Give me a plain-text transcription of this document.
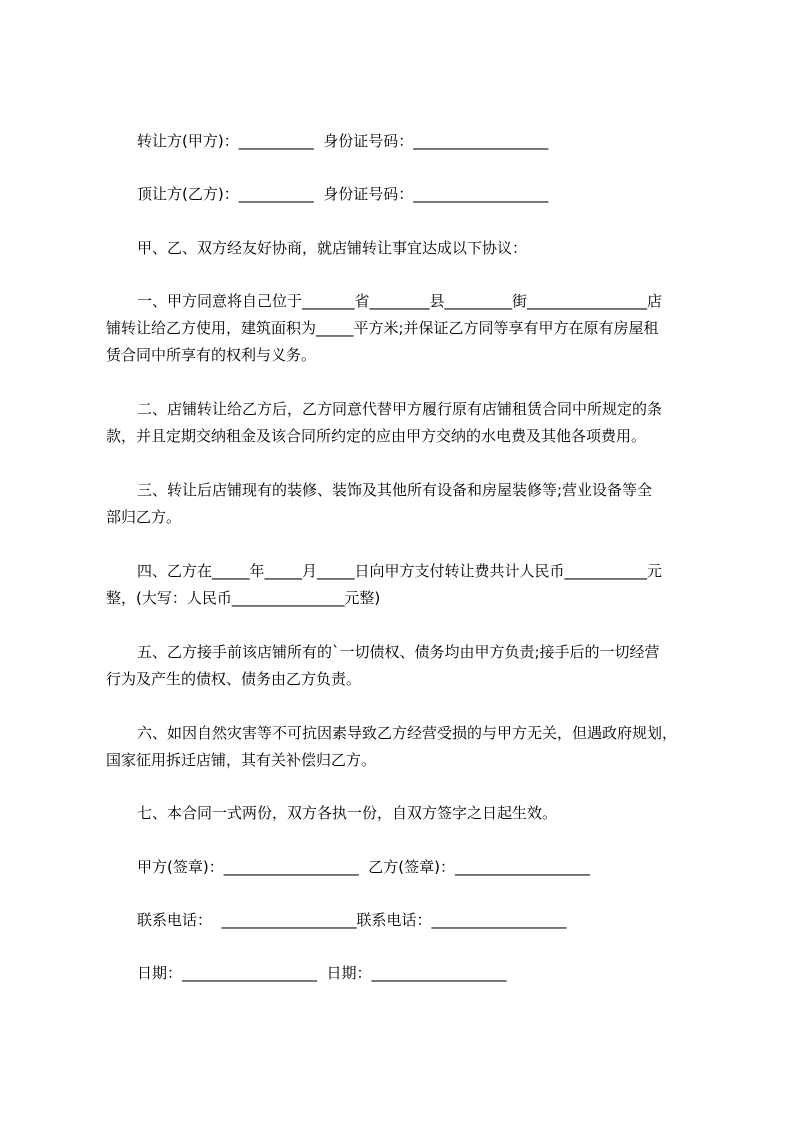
转让方(甲方)：__________  身份证号码：__________________
顶让方(乙方)：__________  身份证号码：__________________
甲、乙、双方经友好协商，就店铺转让事宜达成以下协议：
一、甲方同意将自己位于_______省________县_________街________________店
铺转让给乙方使用，建筑面积为_____平方米;并保证乙方同等享有甲方在原有房屋租
赁合同中所享有的权利与义务。
二、店铺转让给乙方后，乙方同意代替甲方履行原有店铺租赁合同中所规定的条
款，并且定期交纳租金及该合同所约定的应由甲方交纳的水电费及其他各项费用。
三、转让后店铺现有的装修、装饰及其他所有设备和房屋装修等;营业设备等全
部归乙方。
四、乙方在_____年_____月_____日向甲方支付转让费共计人民币___________元
整，(大写：人民币_______________元整)
五、乙方接手前该店铺所有的`一切债权、债务均由甲方负责;接手后的一切经营
行为及产生的债权、债务由乙方负责。
六、如因自然灾害等不可抗因素导致乙方经营受损的与甲方无关，但遇政府规划，
国家征用拆迁店铺，其有关补偿归乙方。
七、本合同一式两份，双方各执一份，自双方签字之日起生效。
甲方(签章)：__________________  乙方(签章)：__________________
联系电话：  __________________联系电话：__________________
日期：__________________  日期：__________________
